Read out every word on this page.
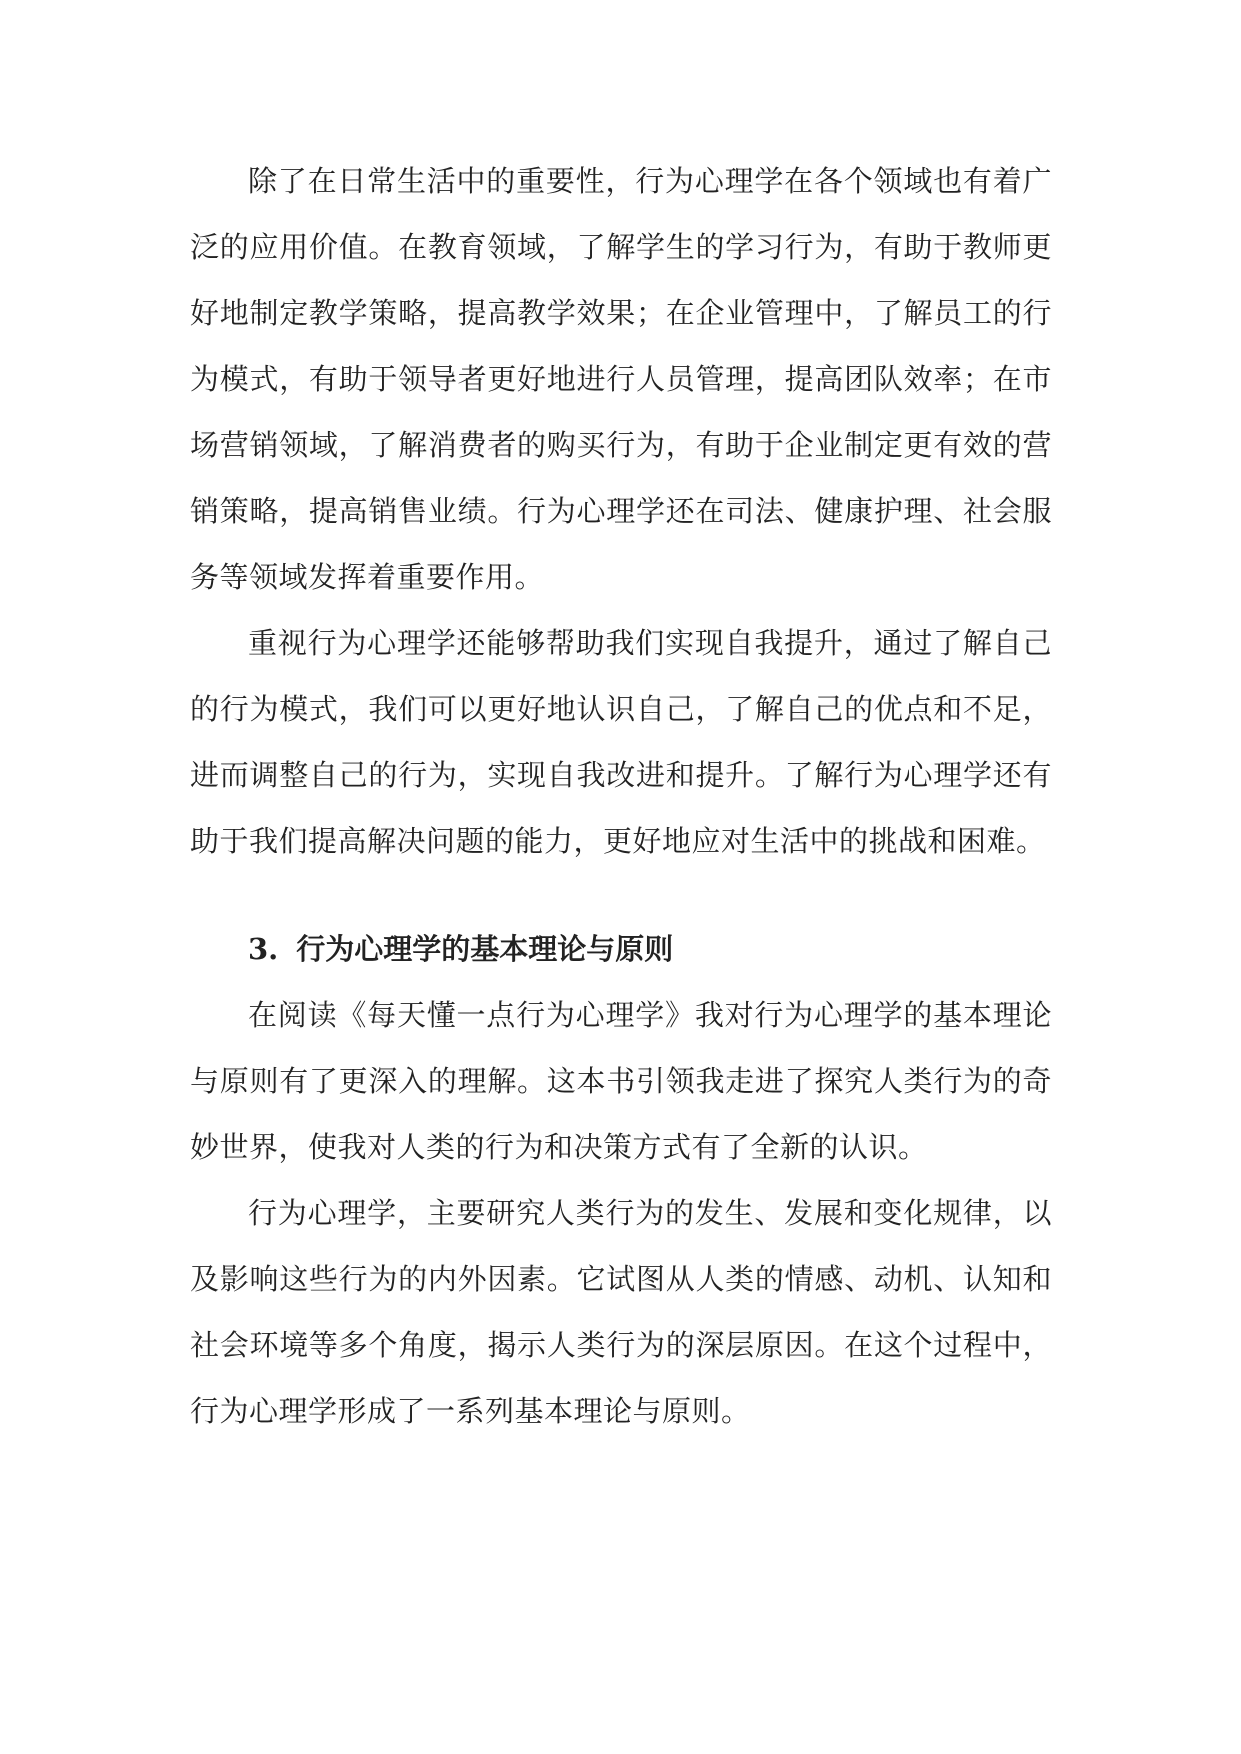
除了在日常生活中的重要性，行为心理学在各个领域也有着广泛的应用价值。在教育领域，了解学生的学习行为，有助于教师更好地制定教学策略，提高教学效果；在企业管理中，了解员工的行为模式，有助于领导者更好地进行人员管理，提高团队效率；在市场营销领域，了解消费者的购买行为，有助于企业制定更有效的营销策略，提高销售业绩。行为心理学还在司法、健康护理、社会服务等领域发挥着重要作用。

重视行为心理学还能够帮助我们实现自我提升，通过了解自己的行为模式，我们可以更好地认识自己，了解自己的优点和不足，进而调整自己的行为，实现自我改进和提升。了解行为心理学还有助于我们提高解决问题的能力，更好地应对生活中的挑战和困难。

3. 行为心理学的基本理论与原则

在阅读《每天懂一点行为心理学》我对行为心理学的基本理论与原则有了更深入的理解。这本书引领我走进了探究人类行为的奇妙世界，使我对人类的行为和决策方式有了全新的认识。

行为心理学，主要研究人类行为的发生、发展和变化规律，以及影响这些行为的内外因素。它试图从人类的情感、动机、认知和社会环境等多个角度，揭示人类行为的深层原因。在这个过程中，行为心理学形成了一系列基本理论与原则。
